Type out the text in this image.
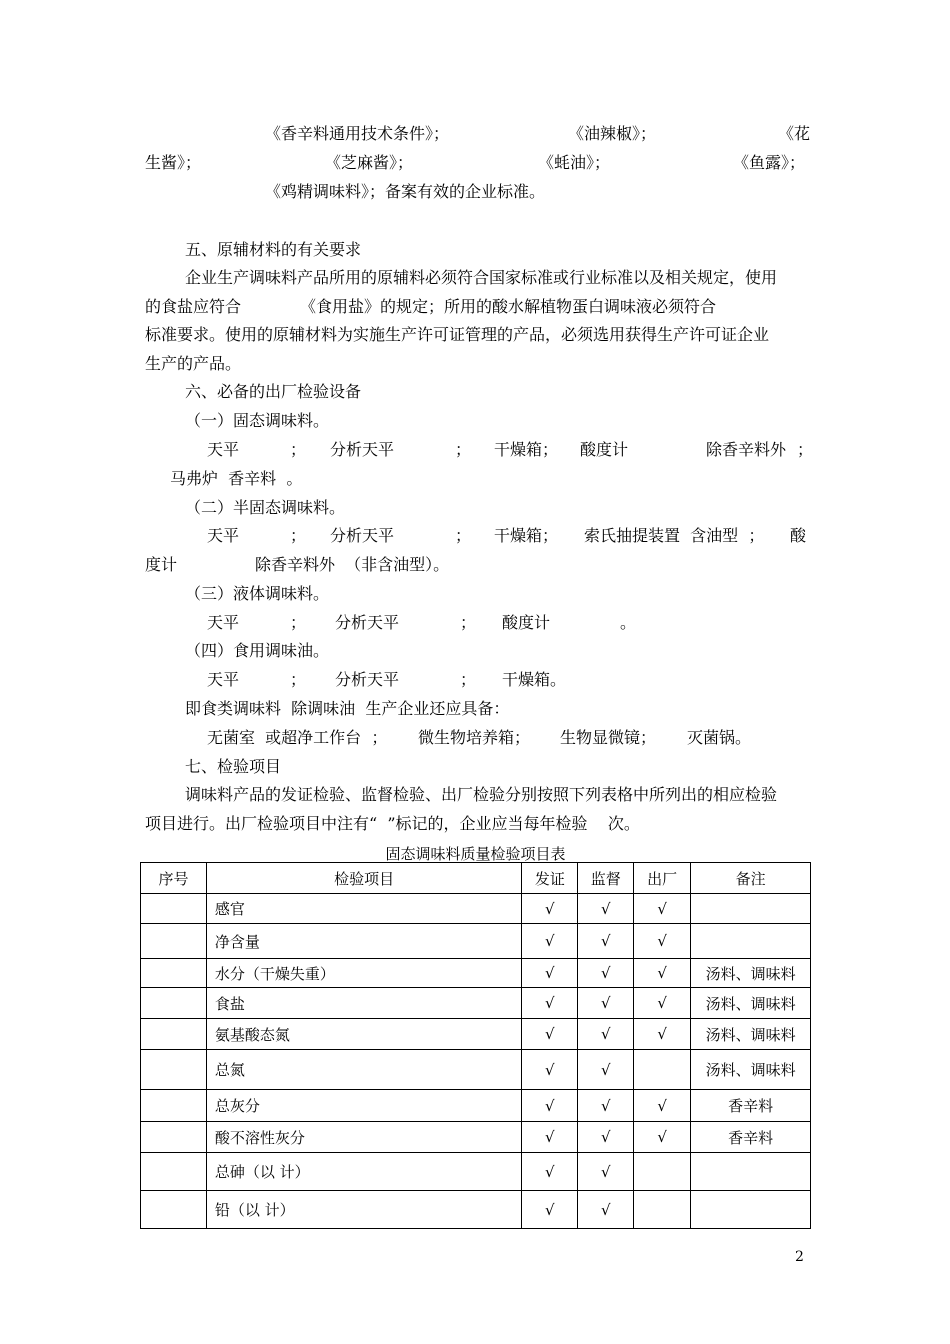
《香辛料通用技术条件》；	《油辣椒》；	《花
生酱》；	《芝麻酱》；	《蚝油》；	《鱼露》；
《鸡精调味料》；备案有效的企业标准。
五、原辅材料的有关要求
企业生产调味料产品所用的原辅料必须符合国家标准或行业标准以及相关规定，使用
的食盐应符合	《食用盐》的规定；所用的酸水解植物蛋白调味液必须符合
标准要求。使用的原辅材料为实施生产许可证管理的产品，必须选用获得生产许可证企业
生产的产品。
六、必备的出厂检验设备
（一）固态调味料。
天平	； 分析天平	； 干燥箱； 酸度计	除香辛料外 ；
马弗炉  香辛料  。
（二）半固态调味料。
天平	； 分析天平	； 干燥箱； 索氏抽提装置  含油型  ； 酸
度计	除香辛料外  （非含油型）。
（三）液体调味料。
天平	； 分析天平	； 酸度计	。
（四）食用调味油。
天平	； 分析天平	； 干燥箱。
即食类调味料  除调味油  生产企业还应具备：
无菌室  或超净工作台  ； 微生物培养箱； 生物显微镜； 灭菌锅。
七、检验项目
调味料产品的发证检验、监督检验、出厂检验分别按照下列表格中所列出的相应检验
项目进行。出厂检验项目中注有“  ”标记的，企业应当每年检验    次。
固态调味料质量检验项目表
序号	检验项目	发证	监督	出厂	备注
	感官	√	√	√	
	净含量	√	√	√	
	水分（干燥失重）	√	√	√	汤料、调味料
	食盐	√	√	√	汤料、调味料
	氨基酸态氮	√	√	√	汤料、调味料
	总氮	√	√		汤料、调味料
	总灰分	√	√	√	香辛料
	酸不溶性灰分	√	√	√	香辛料
	总砷（以 计）	√	√		
	铅（以 计）	√	√		
2
